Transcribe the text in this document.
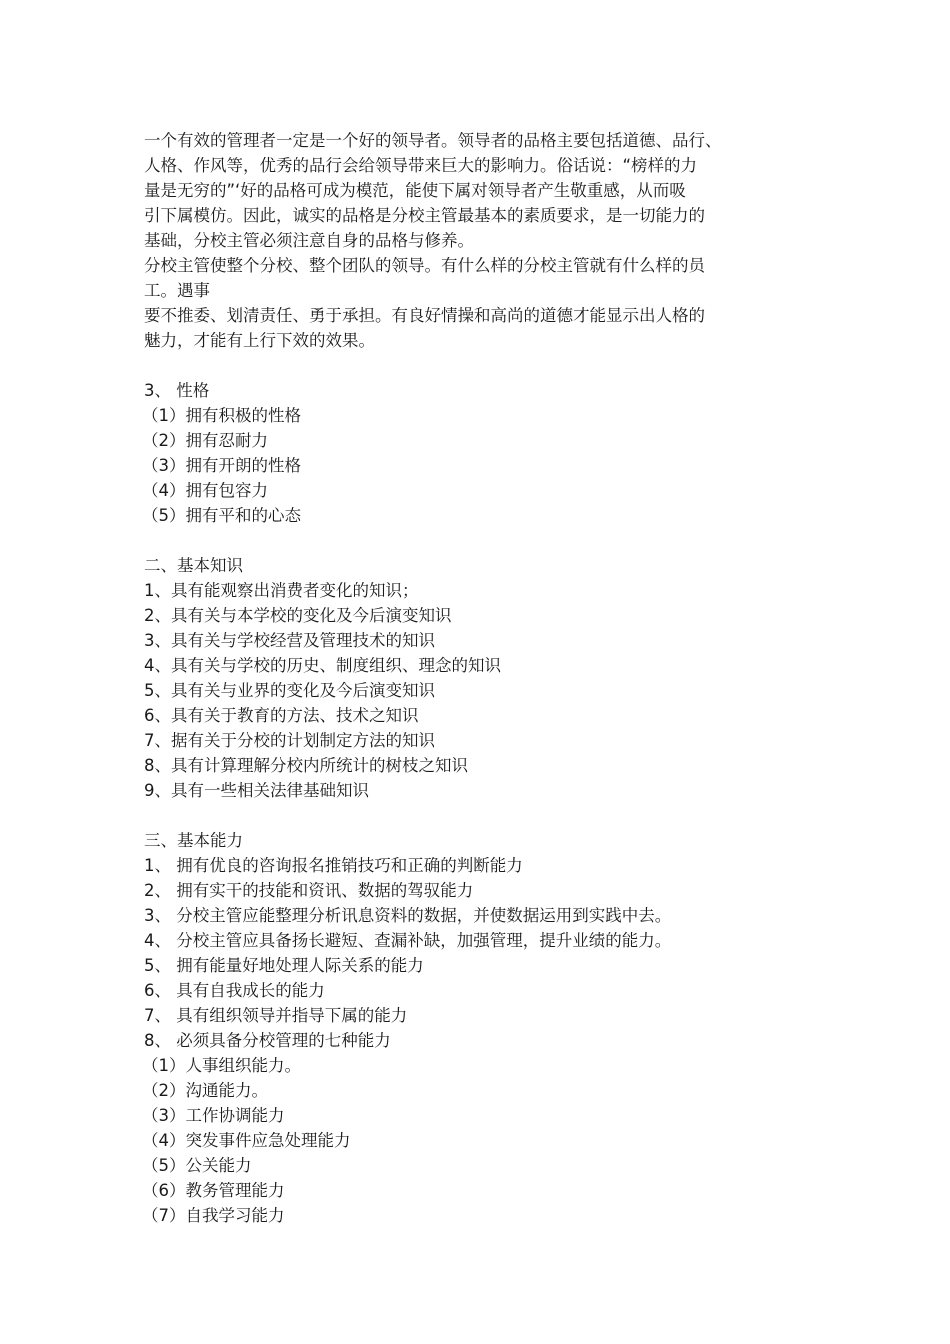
一个有效的管理者一定是一个好的领导者。领导者的品格主要包括道德、品行、
人格、作风等，优秀的品行会给领导带来巨大的影响力。俗话说：“榜样的力
量是无穷的”‘好的品格可成为模范，能使下属对领导者产生敬重感，从而吸
引下属模仿。因此，诚实的品格是分校主管最基本的素质要求，是一切能力的
基础，分校主管必须注意自身的品格与修养。
分校主管使整个分校、整个团队的领导。有什么样的分校主管就有什么样的员
工。遇事
要不推委、划清责任、勇于承担。有良好情操和高尚的道德才能显示出人格的
魅力，才能有上行下效的效果。
3、 性格
（1）拥有积极的性格
（2）拥有忍耐力
（3）拥有开朗的性格
（4）拥有包容力
（5）拥有平和的心态
二、基本知识
1、具有能观察出消费者变化的知识；
2、具有关与本学校的变化及今后演变知识
3、具有关与学校经营及管理技术的知识
4、具有关与学校的历史、制度组织、理念的知识
5、具有关与业界的变化及今后演变知识
6、具有关于教育的方法、技术之知识
7、据有关于分校的计划制定方法的知识
8、具有计算理解分校内所统计的树枝之知识
9、具有一些相关法律基础知识
三、基本能力
1、 拥有优良的咨询报名推销技巧和正确的判断能力
2、 拥有实干的技能和资讯、数据的驾驭能力
3、 分校主管应能整理分析讯息资料的数据，并使数据运用到实践中去。
4、 分校主管应具备扬长避短、查漏补缺，加强管理，提升业绩的能力。
5、 拥有能量好地处理人际关系的能力
6、 具有自我成长的能力
7、 具有组织领导并指导下属的能力
8、 必须具备分校管理的七种能力
（1）人事组织能力。
（2）沟通能力。
（3）工作协调能力
（4）突发事件应急处理能力
（5）公关能力
（6）教务管理能力
（7）自我学习能力
